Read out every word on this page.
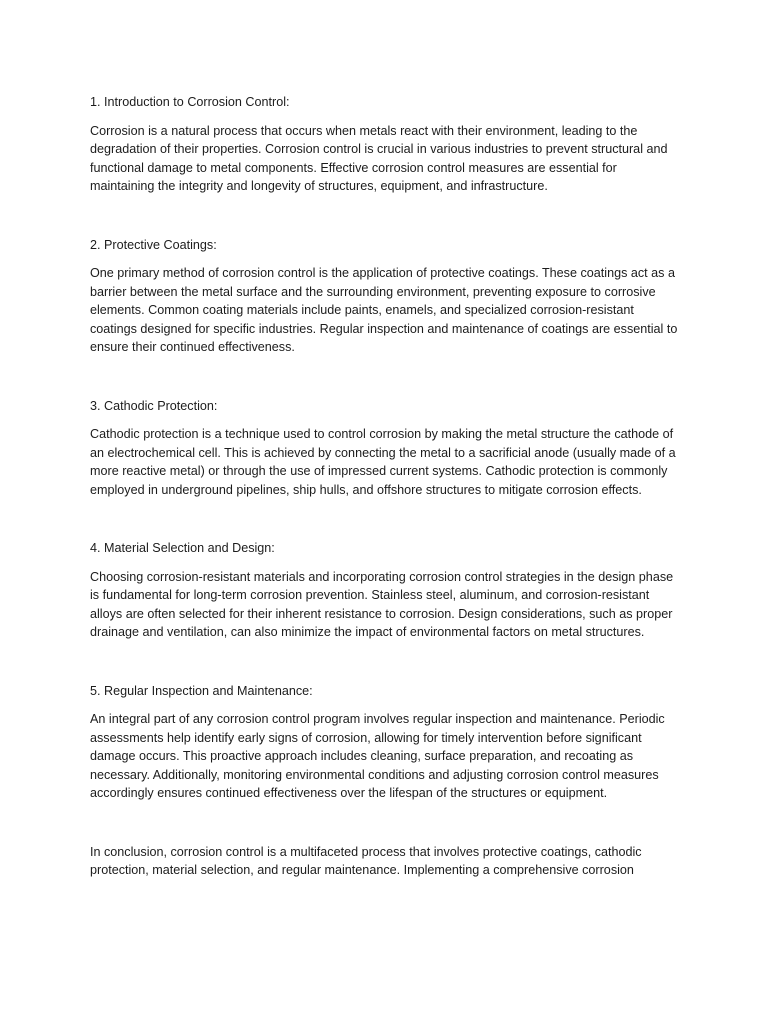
1. Introduction to Corrosion Control:

Corrosion is a natural process that occurs when metals react with their environment, leading to the degradation of their properties. Corrosion control is crucial in various industries to prevent structural and functional damage to metal components. Effective corrosion control measures are essential for maintaining the integrity and longevity of structures, equipment, and infrastructure.

2. Protective Coatings:

One primary method of corrosion control is the application of protective coatings. These coatings act as a barrier between the metal surface and the surrounding environment, preventing exposure to corrosive elements. Common coating materials include paints, enamels, and specialized corrosion-resistant coatings designed for specific industries. Regular inspection and maintenance of coatings are essential to ensure their continued effectiveness.

3. Cathodic Protection:

Cathodic protection is a technique used to control corrosion by making the metal structure the cathode of an electrochemical cell. This is achieved by connecting the metal to a sacrificial anode (usually made of a more reactive metal) or through the use of impressed current systems. Cathodic protection is commonly employed in underground pipelines, ship hulls, and offshore structures to mitigate corrosion effects.

4. Material Selection and Design:

Choosing corrosion-resistant materials and incorporating corrosion control strategies in the design phase is fundamental for long-term corrosion prevention. Stainless steel, aluminum, and corrosion-resistant alloys are often selected for their inherent resistance to corrosion. Design considerations, such as proper drainage and ventilation, can also minimize the impact of environmental factors on metal structures.

5. Regular Inspection and Maintenance:

An integral part of any corrosion control program involves regular inspection and maintenance. Periodic assessments help identify early signs of corrosion, allowing for timely intervention before significant damage occurs. This proactive approach includes cleaning, surface preparation, and recoating as necessary. Additionally, monitoring environmental conditions and adjusting corrosion control measures accordingly ensures continued effectiveness over the lifespan of the structures or equipment.

In conclusion, corrosion control is a multifaceted process that involves protective coatings, cathodic protection, material selection, and regular maintenance. Implementing a comprehensive corrosion
